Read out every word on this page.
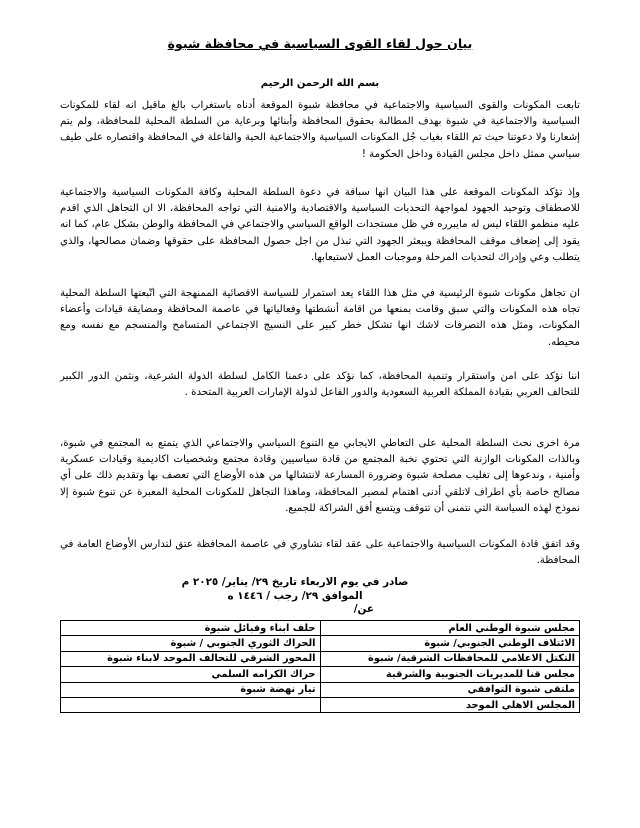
بيان حول لقاء القوى السياسية في محافظة شبوة
بسم الله الرحمن الرحيم

تابعت المكونات والقوى السياسية والاجتماعية في محافظة شبوة الموقعة أدناه باستغراب بالغ ماقيل انه لقاء للمكونات السياسية والاجتماعية في شبوة بهدف المطالبة بحقوق المحافظة وأبنائها وبرعاية من السلطة المحلية للمحافظة، ولم يتم إشعارنا ولا دعوتنا حيث تم اللقاء بغياب جُل المكونات السياسية والاجتماعية الحية والفاعلة في المحافظة واقتصاره على طيف سياسي ممثل داخل مجلس القيادة وداخل الحكومة !

وإذ تؤكد المكونات الموقعة على هذا البيان انها سباقة في دعوة السلطة المحلية وكافة المكونات السياسية والاجتماعية للاصطفاف وتوحيد الجهود لمواجهة التحديات السياسية والاقتصادية والامنية التي تواجه المحافظة، الا ان التجاهل الذي اقدم عليه منظمو اللقاء ليس له مايبرره في ظل مستجدات الواقع السياسي والاجتماعي في المحافظة والوطن بشكل عام، كما انه يقود إلى إضعاف موقف المحافظة ويبعثر الجهود التي تبذل من اجل حصول المحافظة على حقوقها وضمان مصالحها، والذي يتطلب وعي وإدراك لتحديات المرحلة وموجبات العمل لاستيعابها.

ان تجاهل مكونات شبوة الرئيسية في مثل هذا اللقاء يعد استمرار للسياسة الاقصائية الممنهجة التي اتّبعتها السلطة المحلية تجاه هذه المكونات والتي سبق وقامت بمنعها من اقامة أنشطتها وفعالياتها في عاصمة المحافظة ومضايقة قيادات وأعضاء المكونات، ومثل هذه التصرفات لاشك انها تشكل خطر كبير على النسيج الاجتماعي المتسامح والمنسجم مع نفسه ومع محيطه.

اننا نؤكد على امن واستقرار وتنمية المحافظة، كما نؤكد على دعمنا الكامل لسلطة الدولة الشرعية، ونثمن الدور الكبير للتحالف العربي بقيادة المملكة العربية السعودية والدور الفاعل لدولة الإمارات العربية المتحدة .

مرة اخرى نحث السلطة المحلية على التعاطي الايجابي مع التنوع السياسي والاجتماعي الذي يتمتع به المجتمع في شبوة، وبالذات المكونات الوازنة التي تحتوي نخبة المجتمع من قادة سياسيين وقادة مجتمع وشخصيات اكاديمية وقيادات عسكرية وأمنية ، وندعوها إلى تغليب مصلحة شبوة وضرورة المسارعة لانتشالها من هذه الأوضاع التي تعصف بها وتقديم ذلك على أي مصالح خاصة بأي اطراف لاتلقي أدنى اهتمام لمصير المحافظة، وماهذا التجاهل للمكونات المحلية المعبرة عن تنوع شبوة إلا نموذج لهذه السياسة التي نتمنى أن تتوقف ويتسع أفق الشراكة للجميع.

وقد اتفق قادة المكونات السياسية والاجتماعية على عقد لقاء تشاوري في عاصمة المحافظة عتق لتدارس الأوضاع العامة في المحافظة.

صادر في يوم الاربعاء تاريخ ٢٩/ يناير/ ٢٠٢٥ م
الموافق ٢٩/ رجب / ١٤٤٦ ه
عن/
مجلس شبوة الوطني العام	حلف ابناء وقبائل شبوة
الائتلاف الوطني الجنوبي/ شبوة	الحراك الثوري الجنوبي / شبوة
التكتل الاعلامي للمحافظات الشرقية/ شبوة	المحور الشرقي للتحالف الموحد لابناء شبوة
مجلس قنا للمديريات الجنوبية والشرقية	حراك الكرامه السلمي
ملتقى شبوة التوافقي	تيار نهضة شبوة
المجلس الاهلي الموحد	
